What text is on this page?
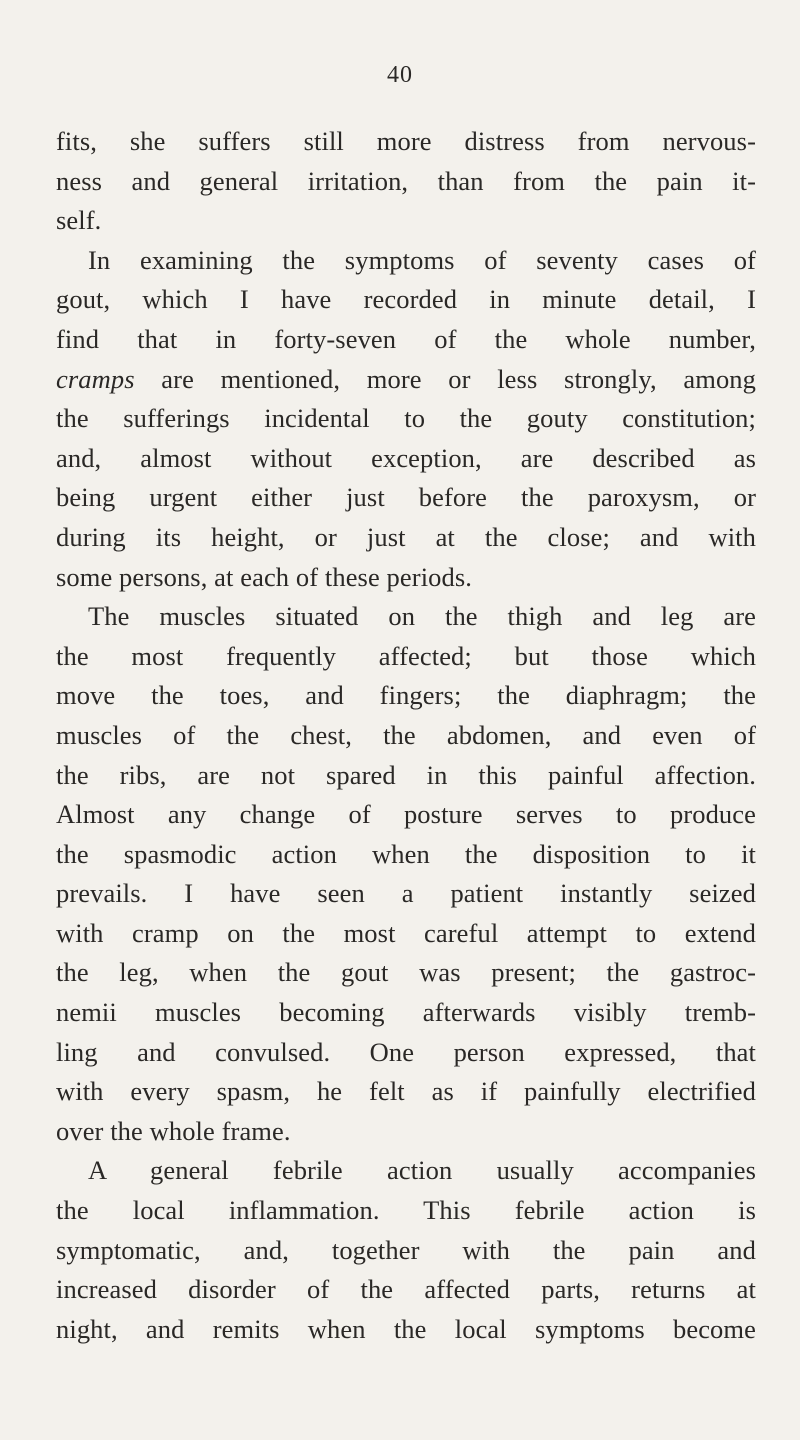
40
fits, she suffers still more distress from nervous-
ness and general irritation, than from the pain it-
self.
In examining the symptoms of seventy cases of
gout, which I have recorded in minute detail, I
find that in forty-seven of the whole number,
cramps are mentioned, more or less strongly, among
the sufferings incidental to the gouty constitution;
and, almost without exception, are described as
being urgent either just before the paroxysm, or
during its height, or just at the close; and with
some persons, at each of these periods.
The muscles situated on the thigh and leg are
the most frequently affected; but those which
move the toes, and fingers; the diaphragm; the
muscles of the chest, the abdomen, and even of
the ribs, are not spared in this painful affection.
Almost any change of posture serves to produce
the spasmodic action when the disposition to it
prevails. I have seen a patient instantly seized
with cramp on the most careful attempt to extend
the leg, when the gout was present; the gastroc-
nemii muscles becoming afterwards visibly tremb-
ling and convulsed. One person expressed, that
with every spasm, he felt as if painfully electrified
over the whole frame.
A general febrile action usually accompanies
the local inflammation. This febrile action is
symptomatic, and, together with the pain and
increased disorder of the affected parts, returns at
night, and remits when the local symptoms become
